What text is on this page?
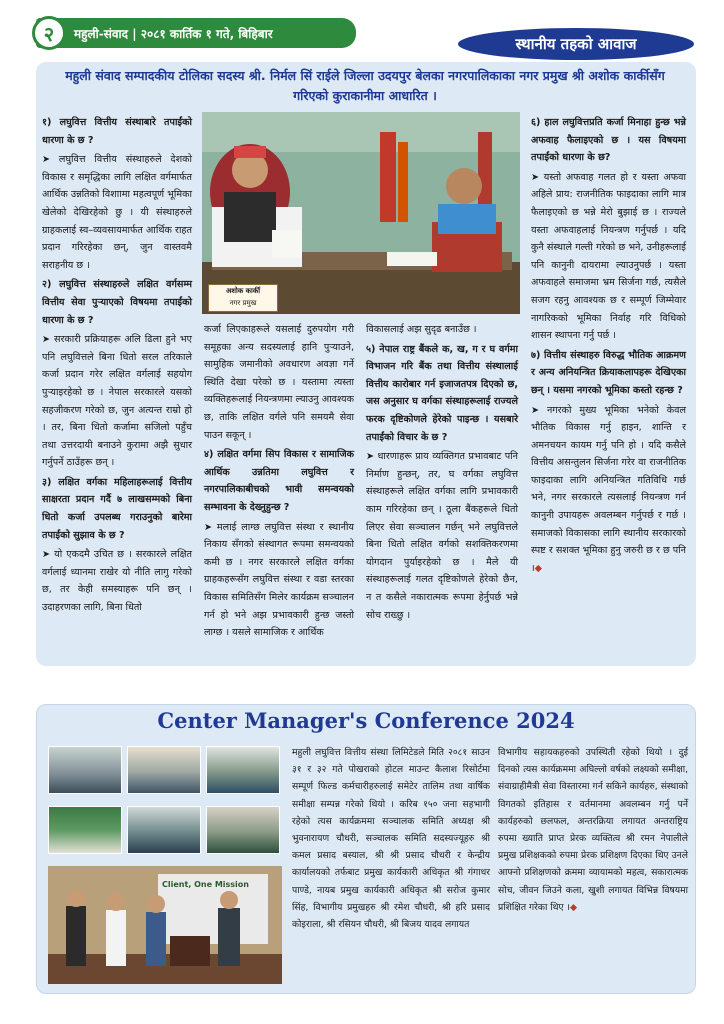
२	महुली-संवाद | २०८१ कार्तिक १ गते, बिहिबार
स्थानीय तहको आवाज
महुली संवाद सम्पादकीय टोलिका सदस्य श्री. निर्मल सिं राईले जिल्ला उदयपुर बेलका नगरपालिकाका नगर प्रमुख श्री अशोक कार्कीसँग गरिएको कुराकानीमा आधारित ।

१) लघुवित्त वित्तीय संस्थाबारे तपाईंको धारणा के छ ?

➤ लघुवित्त वित्तीय संस्थाहरुले देशको विकास र समृद्धिका लागि लक्षित वर्गमार्फत आर्थिक उन्नतिको विशाामा महत्वपूर्ण भूमिका खेलेको देखिरहेको छु । यी संस्थाहरुले ग्राहकलाई स्व–व्यवसायमार्फत आर्थिक राहत प्रदान गरिरहेका छन्, जुन वास्तवमै सराहनीय छ ।

२) लघुवित्त संस्थाहरुले लक्षित वर्गसम्म वित्तीय सेवा पुऱ्याएको विषयमा तपाईंको धारणा के छ ?

➤ सरकारी प्रक्रियाहरू अलि ढिला हुने भए पनि लघुवित्तले बिना धितो सरल तरिकाले कर्जा प्रदान गरेर लक्षित वर्गलाई सहयोग पुऱ्याइरहेको छ । नेपाल सरकारले यसको सहजीकरण गरेको छ, जुन अत्यन्त राम्रो हो । तर, बिना धितो कर्जामा सजिलो पहुँच तथा उत्तरदायी बनाउने कुरामा अझै सुधार गर्नुपर्ने ठाउँहरू छन् ।

३) लक्षित वर्गका महिलाहरूलाई वित्तीय साक्षरता प्रदान गर्दै ७ लाखसम्मको बिना धितो कर्जा उपलब्ध गराउनुको बारेमा तपाईंको सुझाव के छ ?

➤ यो एकदमै उचित छ । सरकारले लक्षित वर्गलाई ध्यानमा राखेर यो नीति लागु गरेको छ, तर केही समस्याहरू पनि छन् । उदाहरणका लागि, बिना धितो

अशोक कार्की
नगर प्रमुख

कर्जा लिएकाहरूले यसलाई दुरुपयोग गरी समूहका अन्य सदस्यलाई हानि पुऱ्याउने, सामुहिक जमानीको अवधारण अवज्ञा गर्ने स्थिति देखा परेको छ । यस्तामा त्यस्ता व्यक्तिहरूलाई नियन्त्रणमा ल्याउनु आवश्यक छ, ताकि लक्षित वर्गले पनि समयमै सेवा पाउन सकून् ।

४) लक्षित वर्गमा सिप विकास र सामाजिक आर्थिक उन्नतिमा लघुवित्त र नगरपालिकाबीचको भावी समन्वयको सम्भावना के देख्नुहुन्छ ?

➤ मलाई लाग्छ लघुवित्त संस्था र स्थानीय निकाय सँगको संस्थागत रूपमा समन्वयको कमी छ । नगर सरकारले लक्षित वर्गका ग्राहकहरूसँग लघुवित्त संस्था र वडा स्तरका विकास समितिसँग मिलेर कार्यक्रम सञ्चालन गर्न हो भने अझ प्रभावकारी हुन्छ जस्तो लाग्छ । यसले सामाजिक र आर्थिक

विकासलाई अझ सुदृढ बनाउँछ ।

५) नेपाल राष्ट्र बैंकले क, ख, ग र घ वर्गमा विभाजन गरि बैंक तथा वित्तीय संस्थालाई वित्तीय कारोबार गर्न इजाजतपत्र दिएको छ, जस अनुसार घ वर्गका संस्थाहरूलाई राज्यले फरक दृष्टिकोणले हेरेको पाइन्छ । यसबारे तपाईंको विचार के छ ?

➤ धारणाहरू प्राय व्यक्तिगत प्रभावबाट पनि निर्माण हुन्छन्, तर, घ वर्गका लघुवित्त संस्थाहरूले लक्षित वर्गका लागि प्रभावकारी काम गरिरहेका छन् । ठूला बैंकहरूले धितो लिएर सेवा सञ्चालन गर्छन् भने लघुवित्तले बिना धितो लक्षित वर्गको सशक्तिकरणमा योगदान पुर्याइरहेको छ । मैले यी संस्थाहरूलाई गलत दृष्टिकोणले हेरेको छैन, न त कसैले नकारात्मक रूपमा हेर्नुपर्छ भन्ने सोच राख्छु ।

६) हाल लघुवित्तप्रति कर्जा मिनाहा हुन्छ भन्ने अफवाह फैलाइएको छ । यस विषयमा तपाईंको धारणा के छ?

➤ यस्तो अफवाह गलत हो र यस्ता अफवा अहिले प्राय: राजनीतिक फाइदाका लागि मात्र फैलाइएको छ भन्ने मेरो बुझाई छ । राज्यले यस्ता अफवाहलाई नियन्त्रण गर्नुपर्छ । यदि कुनै संस्थाले गल्ती गरेको छ भने, उनीहरूलाई पनि कानुनी दायरामा ल्याउनुपर्छ । यस्ता अफवाहले समाजमा भ्रम सिर्जना गर्छ, त्यसैले सजग रहनु आवश्यक छ र सम्पूर्ण जिम्मेवार नागरिकको भूमिका निर्वाह गरि विधिको शासन स्थापना गर्नु पर्छ ।

७) वित्तीय संस्थाहरु विरुद्ध भौतिक आक्रमण र अन्य अनियन्त्रित क्रियाकलापहरू देखिएका छन् । यसमा नगरको भूमिका कस्तो रहन्छ ?

➤ नगरको मुख्य भूमिका भनेको केवल भौतिक विकास गर्नु हाइन, शान्ति र अमनचयन कायम गर्नु पनि हो । यदि कसैले वित्तीय असन्तुलन सिर्जना गरेर वा राजनीतिक फाइदाका लागि अनियन्त्रित गतिविधि गर्छ भने, नगर सरकारले त्यसलाई नियन्त्रण गर्न कानुनी उपायहरू अवलम्बन गर्नुपर्छ र गर्छ । समाजको विकासका लागि स्थानीय सरकारको स्पष्ट र सशक्त भूमिका हुनु जरुरी छ र छ पनि ।◆

Center Manager's Conference 2024
Client, One Mission

महुली लघुवित्त वित्तीय संस्था लिमिटेडले मिति २०८१ साउन ३१ र ३२ गते पोखराको होटल माउन्ट कैलाश रिसोर्टमा सम्पूर्ण फिल्ड कर्मचारीहरुलाई समेटेर तालिम तथा वार्षिक समीक्षा सम्पन्न गरेको थियो । करिब १५० जना सहभागी रहेको त्यस कार्यक्रममा सञ्चालक समिति अध्यक्ष श्री भुवनारायण चौधरी, सञ्चालक समिति सदस्यज्यूहरु श्री कमल प्रसाद बस्याल, श्री श्री प्रसाद चौधरी र केन्द्रीय कार्यालयको तर्फबाट प्रमुख कार्यकारी अधिकृत श्री गंगाधर पाण्डे, नायब प्रमुख कार्यकारी अधिकृत श्री सरोज कुमार सिंह, विभागीय प्रमुखहरु श्री रमेश चौधरी, श्री हरि प्रसाद कोइराला, श्री रसियन चौधरी, श्री बिजय यादव लगायत

विभागीय सहायकहरुको उपस्थिती रहेको थियो । दुई दिनको त्यस कार्यक्रममा अघिल्लो वर्षको लक्ष्यको समीक्षा, संवाग्राहीमैत्री सेवा विस्तारमा गर्न सकिने कार्यहरु, संस्थाको विगतको इतिहास र वर्तमानमा अवलम्बन गर्नु पर्ने कार्यहरुको छलफल, अन्तरक्रिया लगायत अन्तराष्ट्रिय रुपमा ख्याति प्राप्त प्रेरक व्यक्तित्व श्री रमन नेपालीले प्रमुख प्रशिक्षकको रुपमा प्रेरक प्रशिक्षण दिएका थिए उनले आफ्नो प्रशिक्षणको क्रममा व्यायामको महत्व, सकारात्मक सोच, जीवन जिउने कला, खुशी लगायत विभिन्न विषयमा प्रशिक्षित गरेका थिए ।◆
